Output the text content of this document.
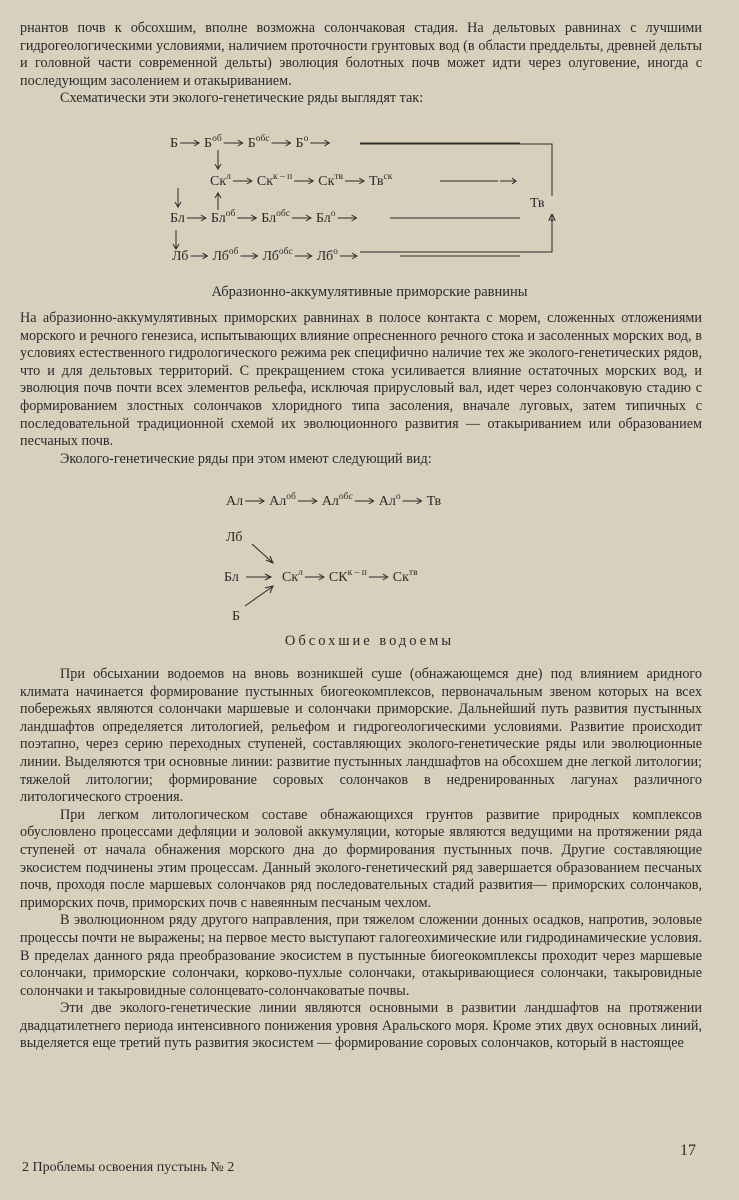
рнантов почв к обсохшим, вполне возможна солончаковая стадия. На дельтовых равнинах с лучшими гидрогеологическими условиями, наличием проточности грунтовых вод (в области преддельты, древней дельты и головной части современной дельты) эволюция болотных почв может идти через олуговение, иногда с последующим засолением и отакыриванием.

Схематически эти эколого-генетические ряды выглядят так:

Б $Б^{об}$ $Б^{обс}$ $Б^о$
$Ск^л$ $Ск^{к - п}$ $Ск^{тв}$ $Тв^{ск}$
Бл $Бл^{об}$ $Бл^{обс}$ $Бл^о$
Лб $Лб^{об}$ $Лб^{обс}$ $Лб^о$
Тв
Ал $Ал^{об}$ $Ал^{обс}$ $Ал^о$ Тв
Лб
Бл
Б
$Ск^л$ $СК^{к - п}$ $Ск^{тв}$
Абразионно-аккумулятивные приморские равнины

На абразионно-аккумулятивных приморских равнинах в полосе контакта с морем, сложенных отложениями морского и речного генезиса, испытывающих влияние опресненного речного стока и засоленных морских вод, в условиях естественного гидрологического режима рек специфично наличие тех же эколого-генетических рядов, что и для дельтовых территорий. С прекращением стока усиливается влияние остаточных морских вод, и эволюция почв почти всех элементов рельефа, исключая прирусловый вал, идет через солончаковую стадию с формированием злостных солончаков хлоридного типа засоления, вначале луговых, затем типичных с последовательной традиционной схемой их эволюционного развития — отакыриванием или образованием песчаных почв.

Эколого-генетические ряды при этом имеют следующий вид:

Обсохшие водоемы

При обсыхании водоемов на вновь возникшей суше (обнажающемся дне) под влиянием аридного климата начинается формирование пустынных биогеокомплексов, первоначальным звеном которых на всех побережьях являются солончаки маршевые и солончаки приморские. Дальнейший путь развития пустынных ландшафтов определяется литологией, рельефом и гидрогеологическими условиями. Развитие происходит поэтапно, через серию переходных ступеней, составляющих эколого-генетические ряды или эволюционные линии. Выделяются три основные линии: развитие пустынных ландшафтов на обсохшем дне легкой литологии; тяжелой литологии; формирование соровых солончаков в недренированных лагунах различного литологического строения.

При легком литологическом составе обнажающихся грунтов развитие природных комплексов обусловлено процессами дефляции и эоловой аккумуляции, которые являются ведущими на протяжении ряда ступеней от начала обнажения морского дна до формирования пустынных почв. Другие составляющие экосистем подчинены этим процессам. Данный эколого-генетический ряд завершается образованием песчаных почв, проходя после маршевых солончаков ряд последовательных стадий развития— приморских солончаков, приморских почв, приморских почв с навеянным песчаным чехлом.

В эволюционном ряду другого направления, при тяжелом сложении донных осадков, напротив, эоловые процессы почти не выражены; на первое место выступают галогеохимические или гидродинамические условия. В пределах данного ряда преобразование экосистем в пустынные биогеокомплексы проходит через маршевые солончаки, приморские солончаки, корково-пухлые солончаки, отакыривающиеся солончаки, такыровидные солончаки и такыровидные солонцевато-солончаковатые почвы.

Эти две эколого-генетические линии являются основными в развитии ландшафтов на протяжении двадцатилетнего периода интенсивного понижения уровня Аральского моря. Кроме этих двух основных линий, выделяется еще третий путь развития экосистем — формирование соровых солончаков, который в настоящее

2 Проблемы освоения пустынь № 2
17
